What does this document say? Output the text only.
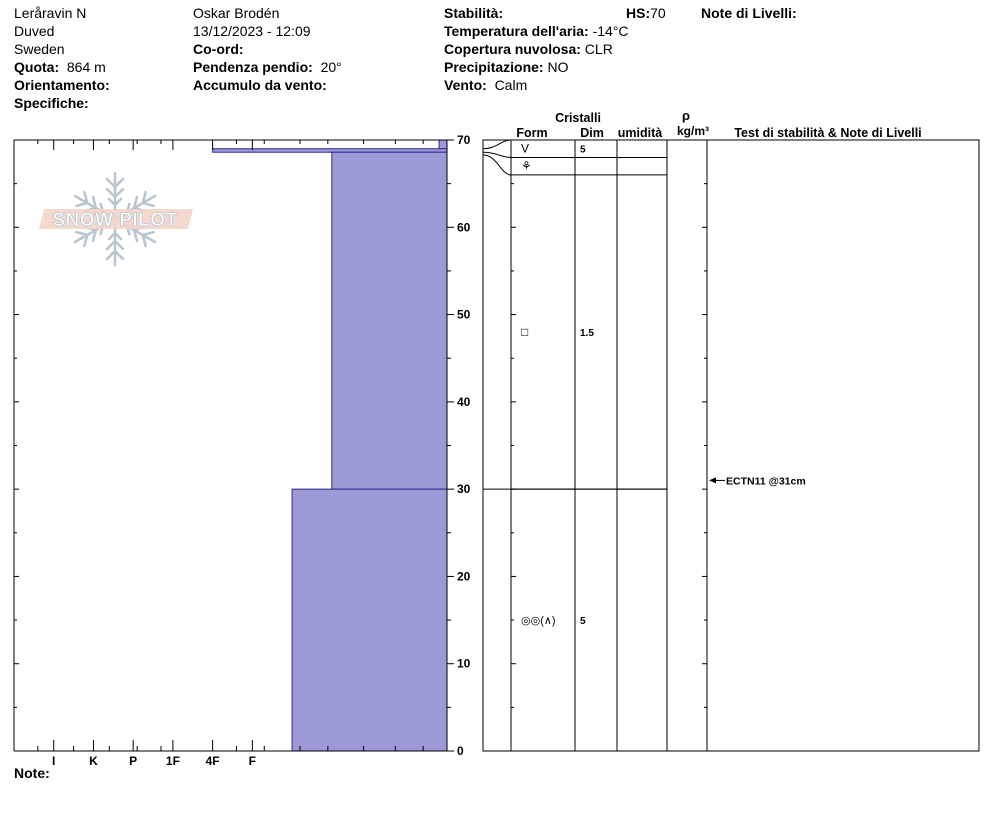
Leråravin N
Duved
Sweden
Quota: 864 m
Orientamento:
Specifiche:
Oskar Brodén
13/12/2023 - 12:09
Co-ord:
Pendenza pendio: 20°
Accumulo da vento:
Stabilità:
Temperatura dell'aria: -14°C
Copertura nuvolosa: CLR
Precipitazione: NO
Vento: Calm
HS:70	Note di Livelli:
SNOW PILOT
0
10
20
30
40
50
60
70
I	K	P 1F 4F F
V	5
⚘
□	1.5
◎◎(∧) 5
ECTN11 @31cm
Cristalli
Form	Dim umidità
ρ
kg/m³ Test di stabilità & Note di Livelli
Note:
